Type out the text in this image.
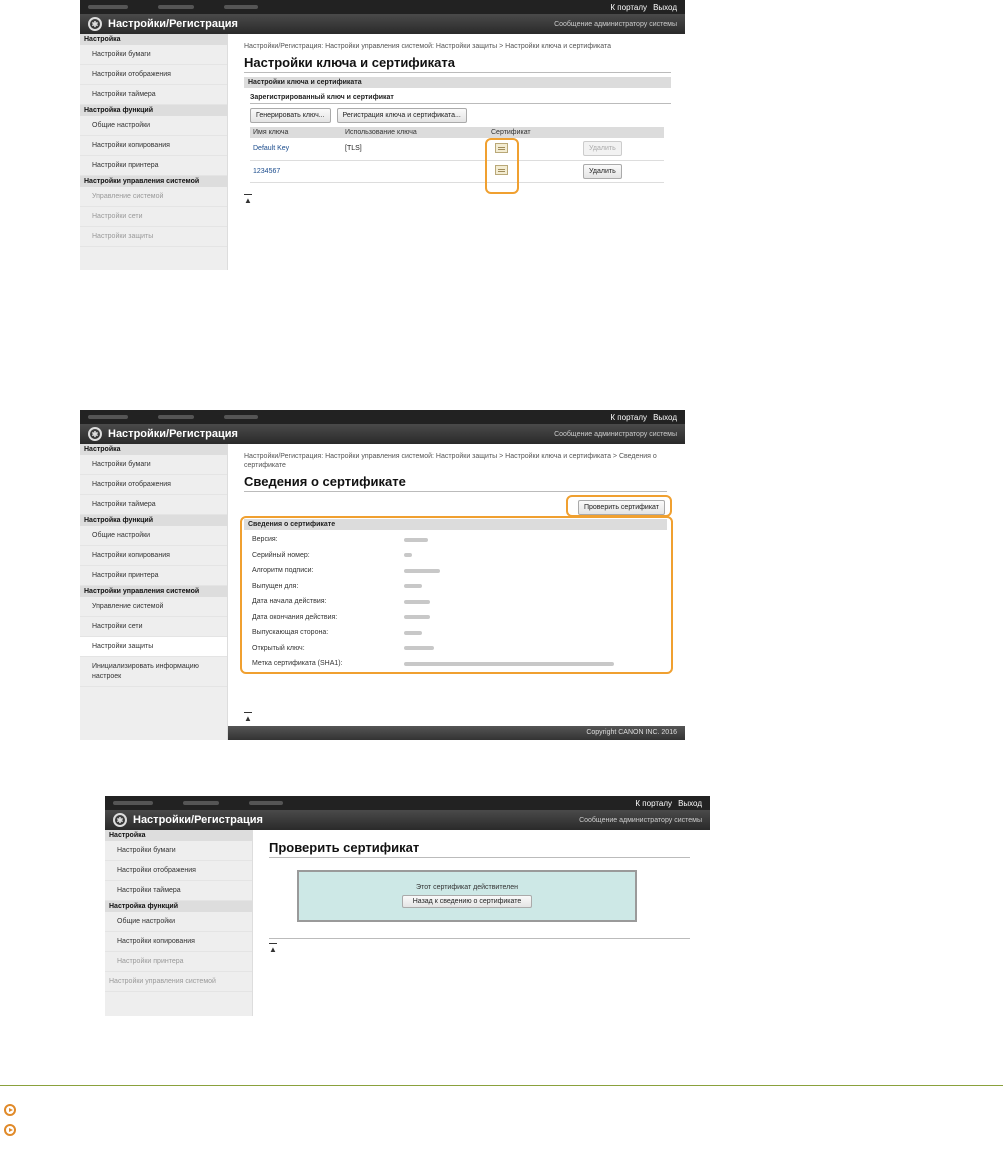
К порталу Выход
✱ Настройки/Регистрация	Сообщение администратору системы
Настройка
Настройки бумаги
Настройки отображения
Настройки таймера
Настройка функций
Общие настройки
Настройки копирования
Настройки принтера
Настройки управления системой
Управление системой
Настройки сети
Настройки защиты
Настройки/Регистрация: Настройки управления системой: Настройки защиты > Настройки ключа и сертификата
Настройки ключа и сертификата
Настройки ключа и сертификата
Зарегистрированный ключ и сертификат
Генерировать ключ...	Регистрация ключа и сертификата...
Имя ключа	Использование ключа	Сертификат	
Default Key	[TLS]		Удалить
1234567			Удалить
▲
К порталу Выход
✱ Настройки/Регистрация	Сообщение администратору системы
Настройка
Настройки бумаги
Настройки отображения
Настройки таймера
Настройка функций
Общие настройки
Настройки копирования
Настройки принтера
Настройки управления системой
Управление системой
Настройки сети
Настройки защиты
Инициализировать информацию настроек
Настройки/Регистрация: Настройки управления системой: Настройки защиты > Настройки ключа и сертификата > Сведения о сертификате
Сведения о сертификате
Проверить сертификат
Сведения о сертификате
Версия:
Серийный номер:
Алгоритм подписи:
Выпущен для:
Дата начала действия:
Дата окончания действия:
Выпускающая сторона:
Открытый ключ:
Метка сертификата (SHA1):
▲
Copyright CANON INC. 2016
К порталу Выход
✱ Настройки/Регистрация	Сообщение администратору системы
Настройка
Настройки бумаги
Настройки отображения
Настройки таймера
Настройка функций
Общие настройки
Настройки копирования
Настройки принтера
Настройки управления системой
Проверить сертификат
Этот сертификат действителен
Назад к сведению о сертификате
▲
